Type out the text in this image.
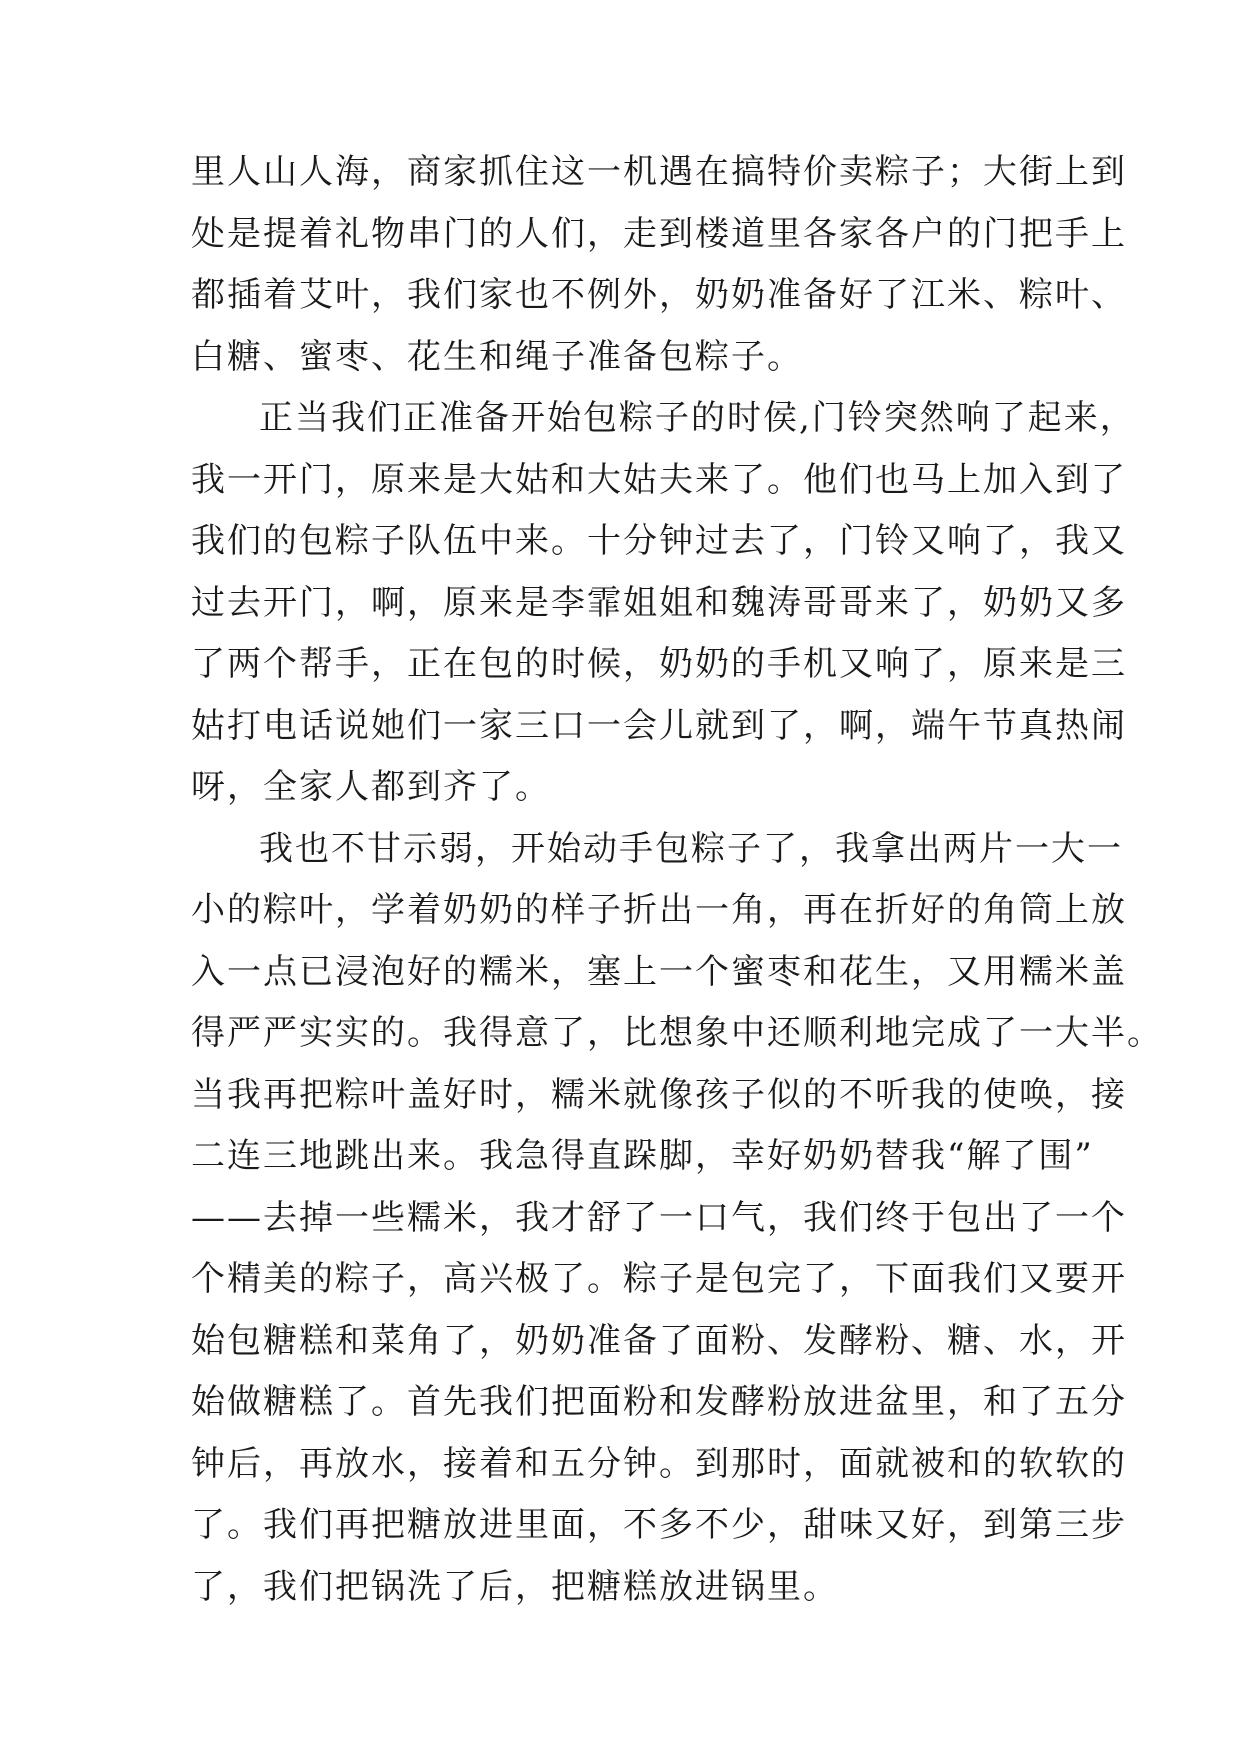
里人山人海，商家抓住这一机遇在搞特价卖粽子；大街上到
处是提着礼物串门的人们，走到楼道里各家各户的门把手上
都插着艾叶，我们家也不例外，奶奶准备好了江米、粽叶、
白糖、蜜枣、花生和绳子准备包粽子。
正当我们正准备开始包粽子的时侯,门铃突然响了起来，
我一开门，原来是大姑和大姑夫来了。他们也马上加入到了
我们的包粽子队伍中来。十分钟过去了，门铃又响了，我又
过去开门，啊，原来是李霏姐姐和魏涛哥哥来了，奶奶又多
了两个帮手，正在包的时候，奶奶的手机又响了，原来是三
姑打电话说她们一家三口一会儿就到了，啊，端午节真热闹
呀，全家人都到齐了。
我也不甘示弱，开始动手包粽子了，我拿出两片一大一
小的粽叶，学着奶奶的样子折出一角，再在折好的角筒上放
入一点已浸泡好的糯米，塞上一个蜜枣和花生，又用糯米盖
得严严实实的。我得意了，比想象中还顺利地完成了一大半。
当我再把粽叶盖好时，糯米就像孩子似的不听我的使唤，接
二连三地跳出来。我急得直跺脚，幸好奶奶替我“解了围”
——去掉一些糯米，我才舒了一口气，我们终于包出了一个
个精美的粽子，高兴极了。粽子是包完了，下面我们又要开
始包糖糕和菜角了，奶奶准备了面粉、发酵粉、糖、水，开
始做糖糕了。首先我们把面粉和发酵粉放进盆里，和了五分
钟后，再放水，接着和五分钟。到那时，面就被和的软软的
了。我们再把糖放进里面，不多不少，甜味又好，到第三步
了，我们把锅洗了后，把糖糕放进锅里。
